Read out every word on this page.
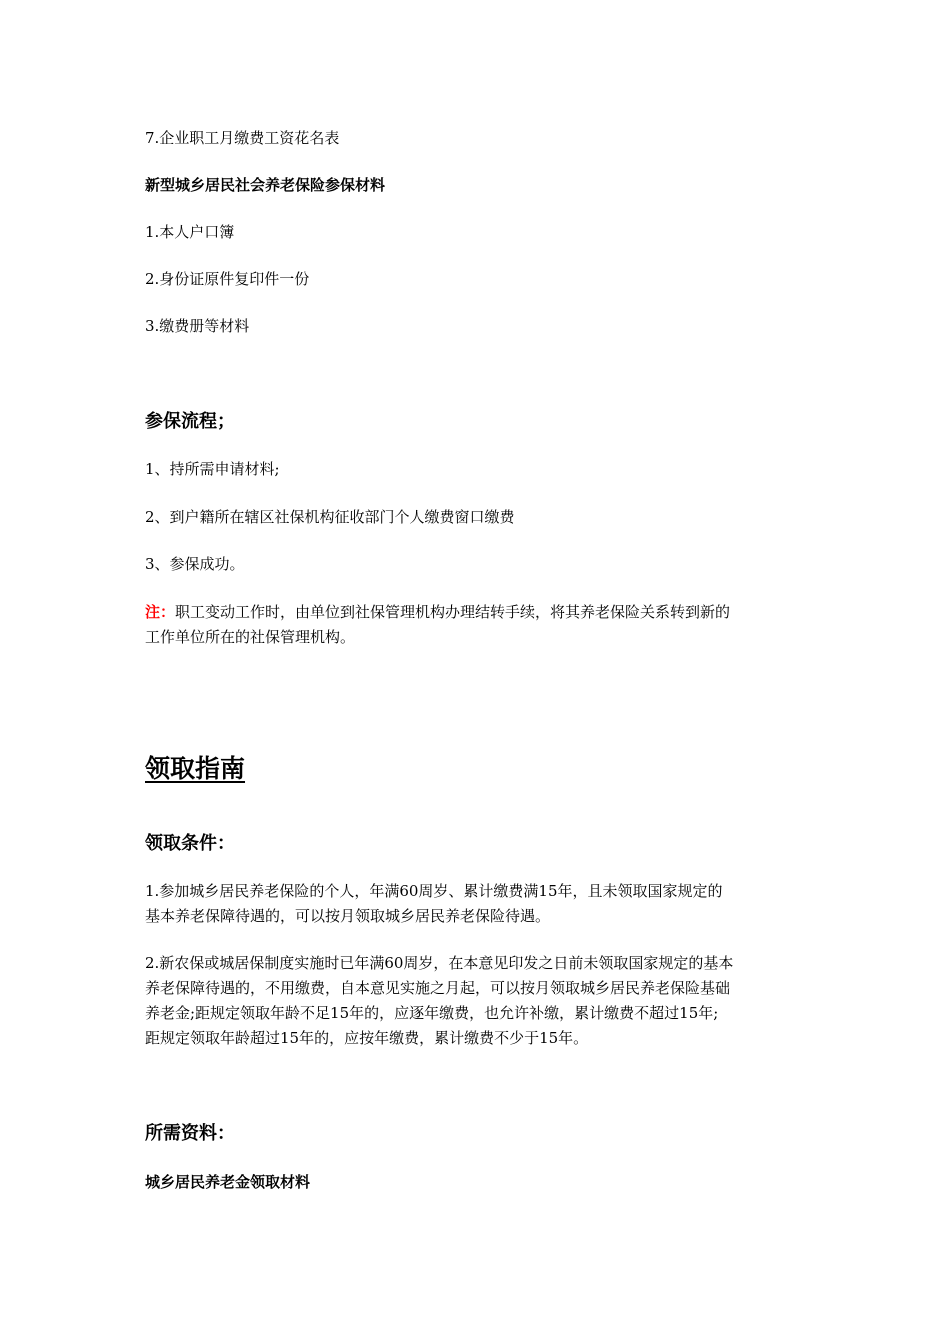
7.企业职工月缴费工资花名表

新型城乡居民社会养老保险参保材料

1.本人户口簿

2.身份证原件复印件一份

3.缴费册等材料

参保流程；

1、持所需申请材料;

2、到户籍所在辖区社保机构征收部门个人缴费窗口缴费

3、参保成功。

注：职工变动工作时，由单位到社保管理机构办理结转手续，将其养老保险关系转到新的
工作单位所在的社保管理机构。

领取指南

领取条件：

1.参加城乡居民养老保险的个人，年满60周岁、累计缴费满15年，且未领取国家规定的
基本养老保障待遇的，可以按月领取城乡居民养老保险待遇。
2.新农保或城居保制度实施时已年满60周岁，在本意见印发之日前未领取国家规定的基本
养老保障待遇的，不用缴费，自本意见实施之月起，可以按月领取城乡居民养老保险基础
养老金;距规定领取年龄不足15年的，应逐年缴费，也允许补缴，累计缴费不超过15年;
距规定领取年龄超过15年的，应按年缴费，累计缴费不少于15年。

所需资料：

城乡居民养老金领取材料
